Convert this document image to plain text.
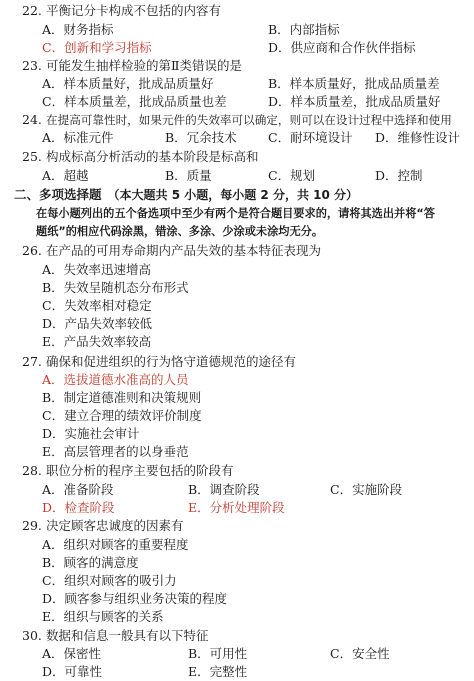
22. 平衡记分卡构成不包括的内容有
A．财务指标	B．内部指标
C．创新和学习指标	D．供应商和合作伙伴指标
23. 可能发生抽样检验的第Ⅱ类错误的是
A．样本质量好，批成品质量好	B．样本质量好，批成品质量差
C．样本质量差，批成品质量也差	D．样本质量差，批成品质量好
24. 在提高可靠性时，如果元件的失效率可以确定，则可以在设计过程中选择和使用
A．标准元件	B．冗余技术	C．耐环境设计 D．维修性设计
25. 构成标高分析活动的基本阶段是标高和
A．超越	B．质量	C．规划	D．控制
二、多项选择题 （本大题共 5 小题，每小题 2 分，共 10 分）
在每小题列出的五个备选项中至少有两个是符合题目要求的，请将其选出并将“答
题纸”的相应代码涂黑，错涂、多涂、少涂或未涂均无分。
26. 在产品的可用寿命期内产品失效的基本特征表现为
A．失效率迅速增高
B．失效呈随机态分布形式
C．失效率相对稳定
D．产品失效率较低
E．产品失效率较高
27. 确保和促进组织的行为恪守道德规范的途径有
A．选拔道德水准高的人员
B．制定道德准则和决策规则
C．建立合理的绩效评价制度
D．实施社会审计
E．高层管理者的以身垂范
28. 职位分析的程序主要包括的阶段有
A．准备阶段	B．调查阶段	C．实施阶段
D．检查阶段	E．分析处理阶段
29. 决定顾客忠诚度的因素有
A．组织对顾客的重要程度
B．顾客的满意度
C．组织对顾客的吸引力
D．顾客参与组织业务决策的程度
E．组织与顾客的关系
30. 数据和信息一般具有以下特征
A．保密性	B．可用性	C．安全性
D．可靠性	E．完整性
